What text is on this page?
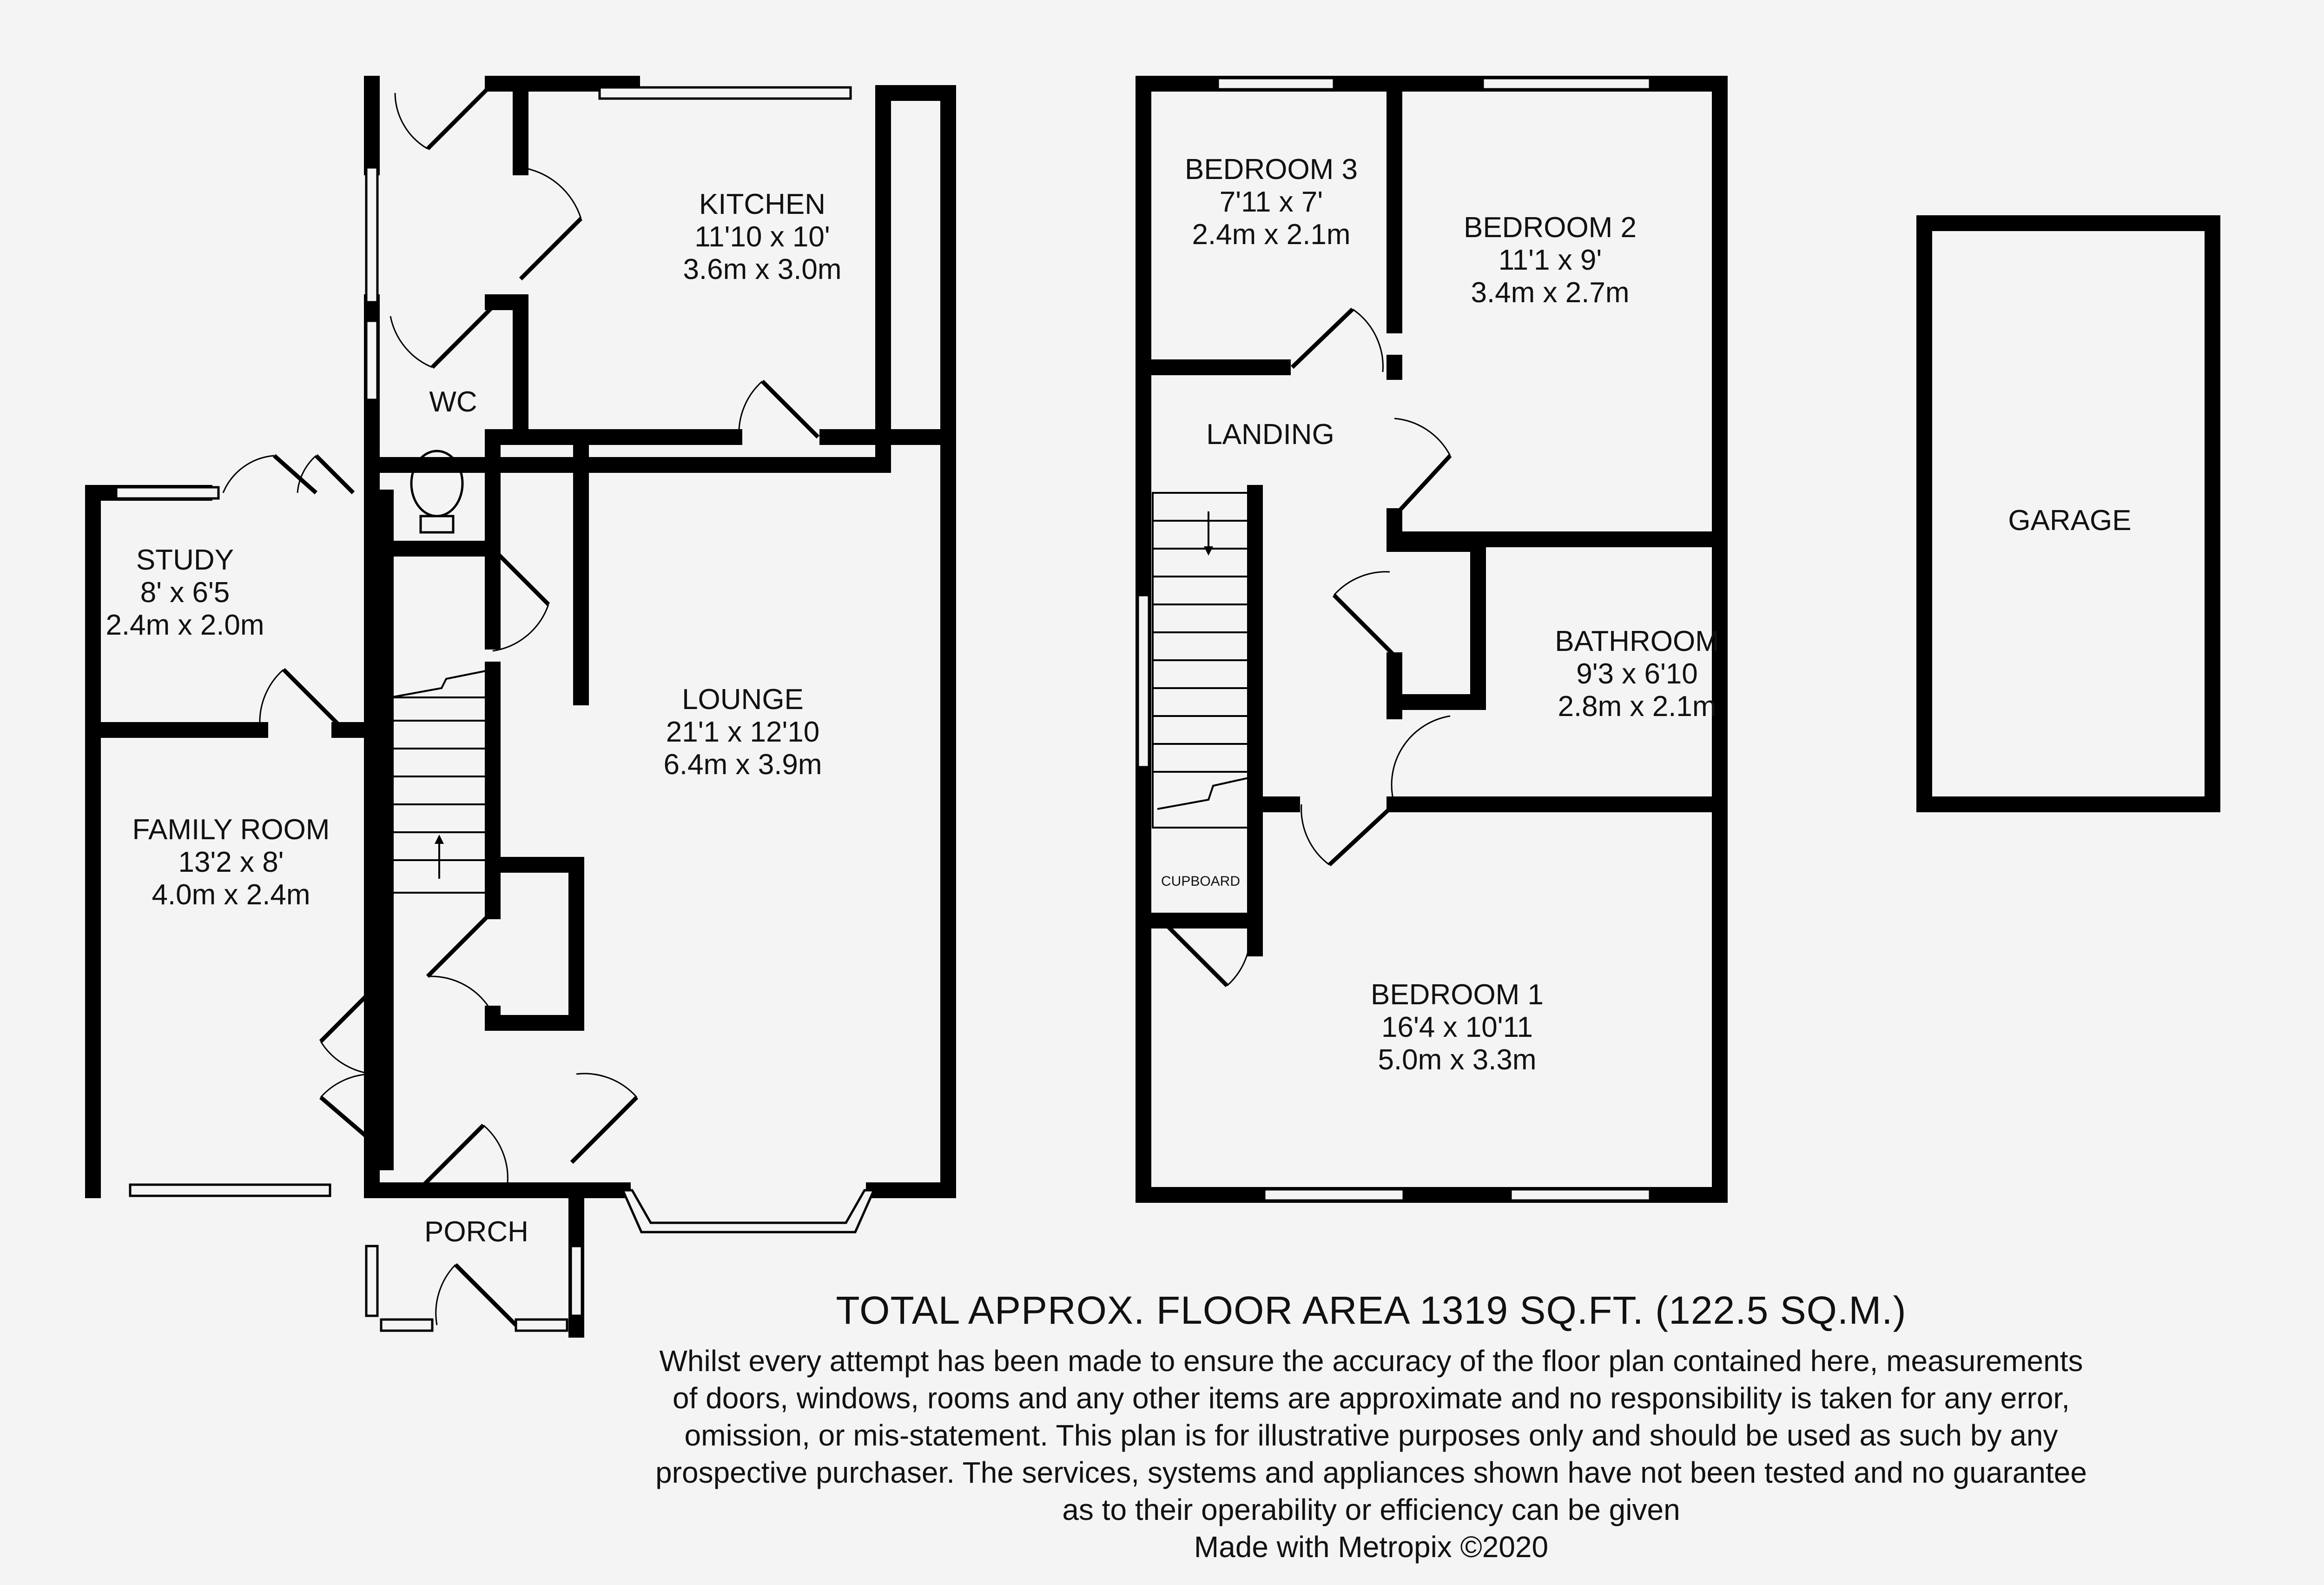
KITCHEN
11'10 x 10'
3.6m x 3.0m
WC
STUDY
8' x 6'5
2.4m x 2.0m
LOUNGE
21'1 x 12'10
6.4m x 3.9m
FAMILY ROOM
13'2 x 8'
4.0m x 2.4m
PORCH
BEDROOM 3
7'11 x 7'
2.4m x 2.1m	BEDROOM 2
11'1 x 9'
3.4m x 2.7m
LANDING
BATHROOM
9'3 x 6'10
2.8m x 2.1m
CUPBOARD
BEDROOM 1
16'4 x 10'11
5.0m x 3.3m
GARAGE
TOTAL APPROX. FLOOR AREA 1319 SQ.FT. (122.5 SQ.M.)
Whilst every attempt has been made to ensure the accuracy of the floor plan contained here, measurements
of doors, windows, rooms and any other items are approximate and no responsibility is taken for any error,
omission, or mis-statement. This plan is for illustrative purposes only and should be used as such by any
prospective purchaser. The services, systems and appliances shown have not been tested and no guarantee
as to their operability or efficiency can be given
Made with Metropix ©2020
